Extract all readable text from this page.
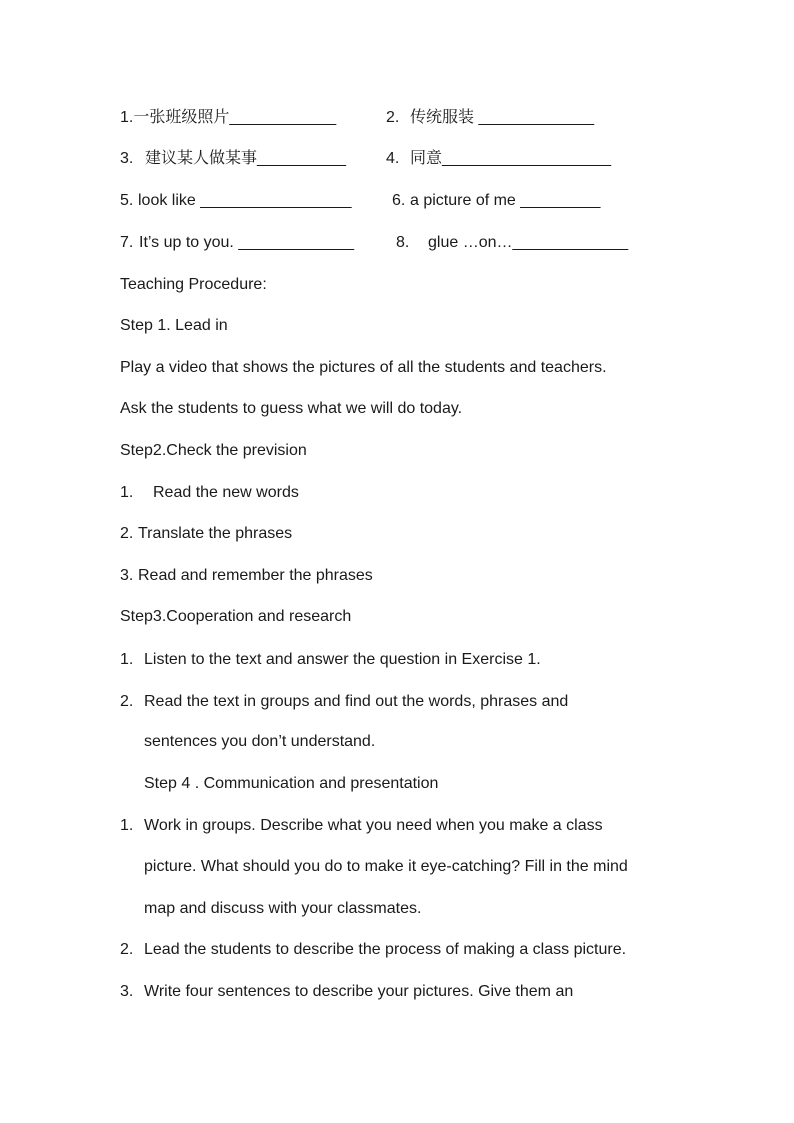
1.一张班级照片____________	2. 传统服装 _____________
3. 建议某人做某事__________	4. 同意___________________
5. look like _________________	6. a picture of me _________
7. It’s up to you. _____________	8. glue …on…_____________
Teaching Procedure:
Step 1. Lead in
Play a video that shows the pictures of all the students and teachers.
Ask the students to guess what we will do today.
Step2.Check the prevision
1. Read the new words
2. Translate the phrases
3. Read and remember the phrases
Step3.Cooperation and research
1. Listen to the text and answer the question in Exercise 1.
2. Read the text in groups and find out the words, phrases and
sentences you don’t understand.
Step 4 . Communication and presentation
1. Work in groups. Describe what you need when you make a class
picture. What should you do to make it eye-catching? Fill in the mind
map and discuss with your classmates.
2. Lead the students to describe the process of making a class picture.
3. Write four sentences to describe your pictures. Give them an
